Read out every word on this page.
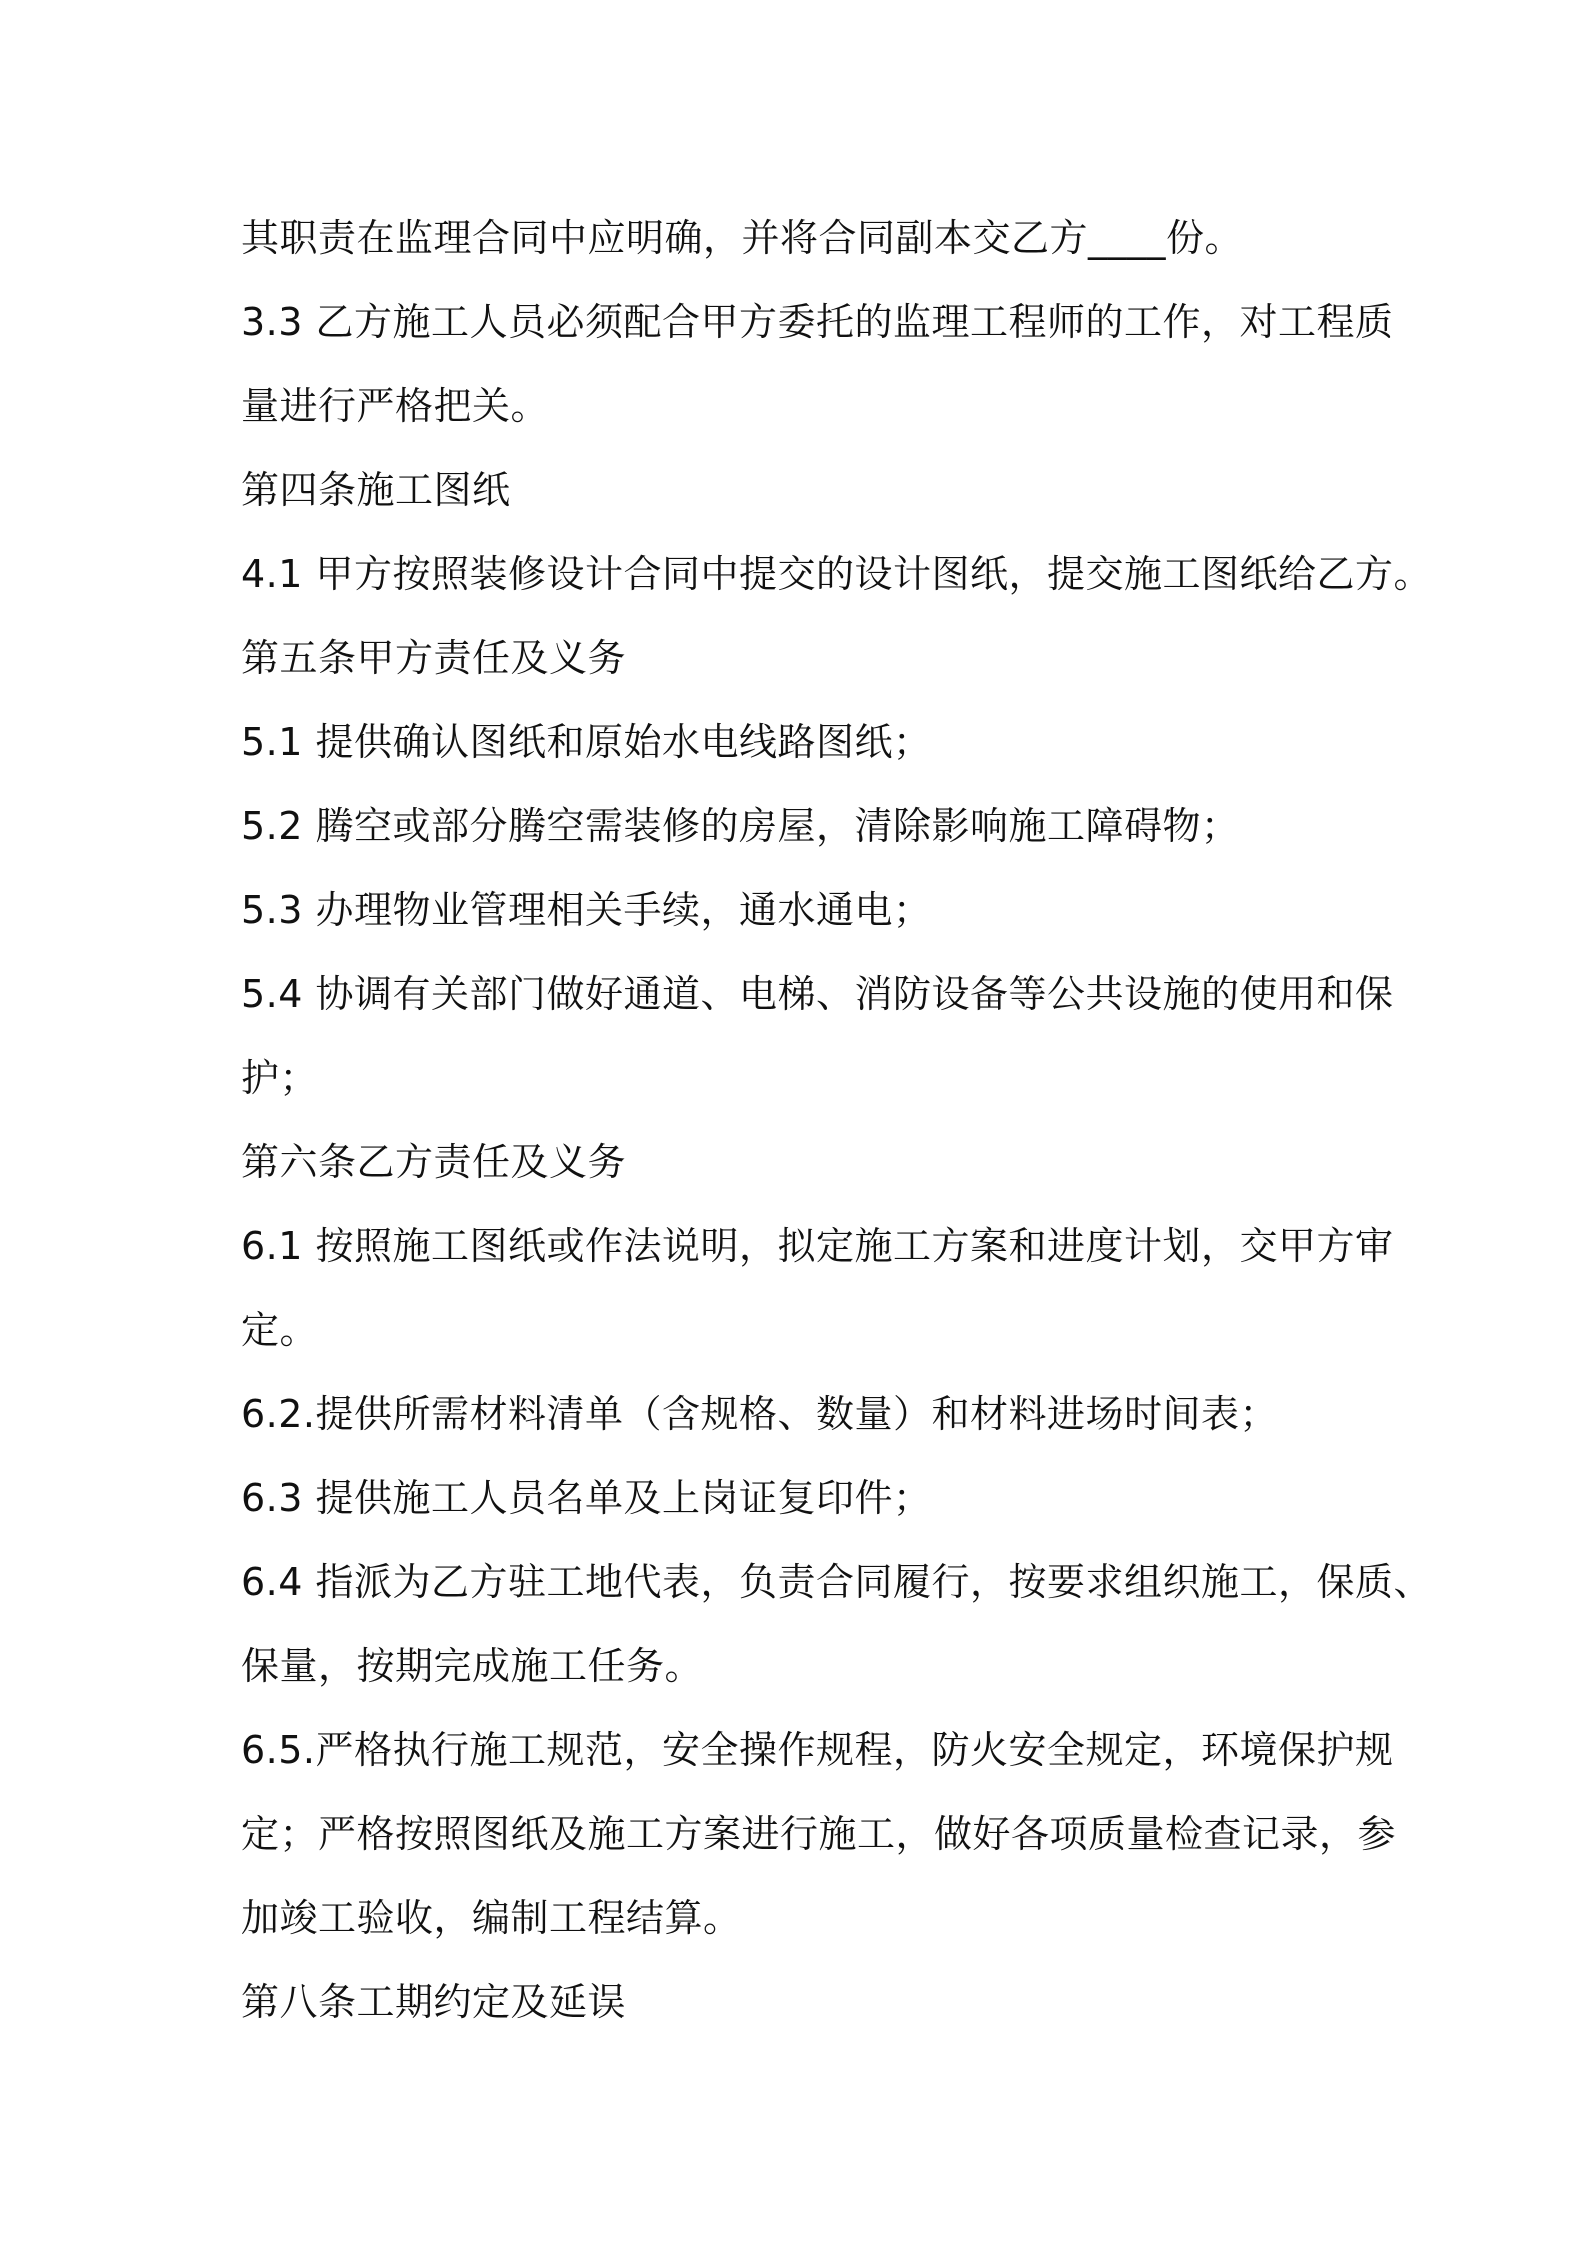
其职责在监理合同中应明确，并将合同副本交乙方____份。
3.3 乙方施工人员必须配合甲方委托的监理工程师的工作，对工程质
量进行严格把关。
第四条施工图纸
4.1 甲方按照装修设计合同中提交的设计图纸，提交施工图纸给乙方。
第五条甲方责任及义务
5.1 提供确认图纸和原始水电线路图纸；
5.2 腾空或部分腾空需装修的房屋，清除影响施工障碍物；
5.3 办理物业管理相关手续，通水通电；
5.4 协调有关部门做好通道、电梯、消防设备等公共设施的使用和保
护；
第六条乙方责任及义务
6.1 按照施工图纸或作法说明，拟定施工方案和进度计划，交甲方审
定。
6.2.提供所需材料清单（含规格、数量）和材料进场时间表；
6.3 提供施工人员名单及上岗证复印件；
6.4 指派为乙方驻工地代表，负责合同履行，按要求组织施工，保质、
保量，按期完成施工任务。
6.5.严格执行施工规范，安全操作规程，防火安全规定，环境保护规
定；严格按照图纸及施工方案进行施工，做好各项质量检查记录，参
加竣工验收，编制工程结算。
第八条工期约定及延误
